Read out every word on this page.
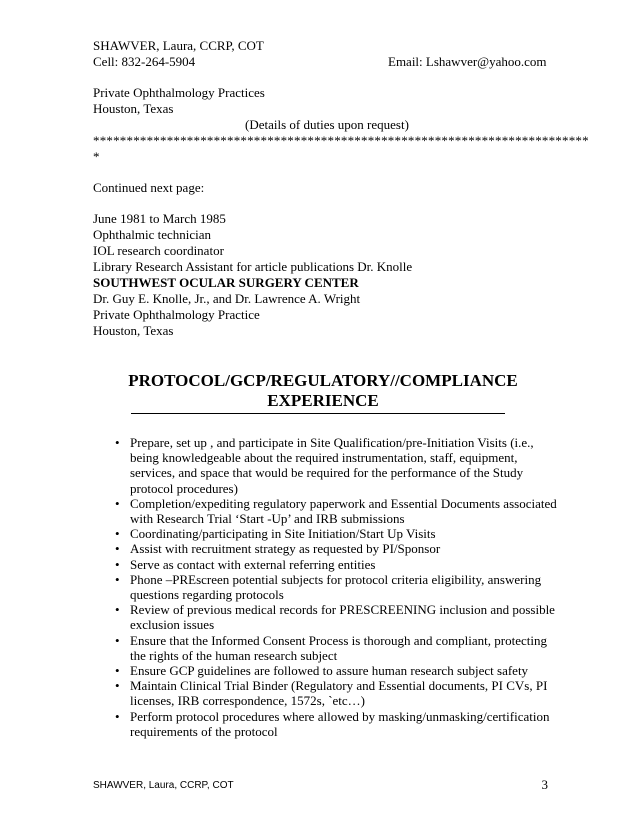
SHAWVER, Laura, CCRP, COT
Cell: 832-264-5904	Email: Lshawver@yahoo.com
Private Ophthalmology Practices
Houston, Texas
(Details of duties upon request)
**************************************************************************
*
Continued next page:
June 1981 to March 1985
Ophthalmic technician
IOL research coordinator
Library Research Assistant for article publications Dr. Knolle
SOUTHWEST OCULAR SURGERY CENTER
Dr. Guy E. Knolle, Jr., and Dr. Lawrence A. Wright
Private Ophthalmology Practice
Houston, Texas
PROTOCOL/GCP/REGULATORY//COMPLIANCE
EXPERIENCE
• Prepare, set up , and participate in Site Qualification/pre-Initiation Visits (i.e., being knowledgeable about the required instrumentation, staff, equipment, services, and space that would be required for the performance of the Study protocol procedures)
• Completion/expediting regulatory paperwork and Essential Documents associated with Research Trial ‘Start -Up’ and IRB submissions
• Coordinating/participating in Site Initiation/Start Up Visits
• Assist with recruitment strategy as requested by PI/Sponsor
• Serve as contact with external referring entities
• Phone –PREscreen potential subjects for protocol criteria eligibility, answering questions regarding protocols
• Review of previous medical records for PRESCREENING inclusion and possible exclusion issues
• Ensure that the Informed Consent Process is thorough and compliant, protecting the rights of the human research subject
• Ensure GCP guidelines are followed to assure human research subject safety
• Maintain Clinical Trial Binder (Regulatory and Essential documents, PI CVs, PI licenses, IRB correspondence, 1572s, `etc…)
• Perform protocol procedures where allowed by masking/unmasking/certification requirements of the protocol
SHAWVER, Laura, CCRP, COT	3
